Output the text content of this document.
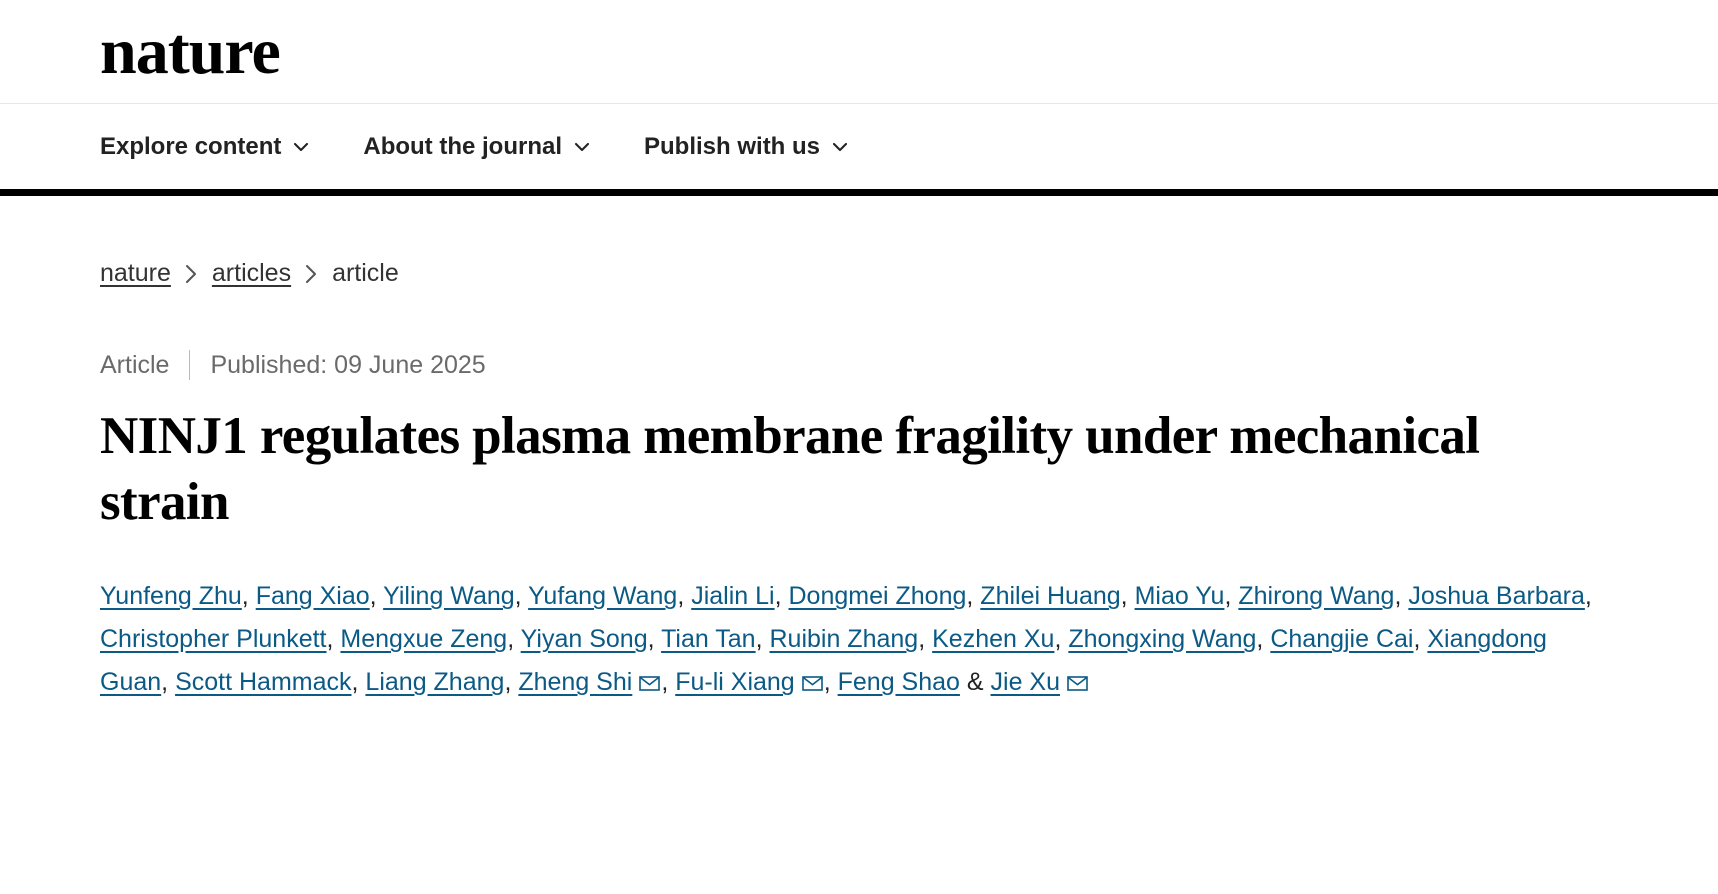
nature
Explore content	About the journal	Publish with us
nature articles article
Article Published: 09 June 2025
NINJ1 regulates plasma membrane fragility under mechanical strain
Yunfeng Zhu, Fang Xiao, Yiling Wang, Yufang Wang, Jialin Li, Dongmei Zhong, Zhilei Huang, Miao Yu, Zhirong Wang, Joshua Barbara, Christopher Plunkett, Mengxue Zeng, Yiyan Song, Tian Tan, Ruibin Zhang, Kezhen Xu, Zhongxing Wang, Changjie Cai, Xiangdong Guan, Scott Hammack, Liang Zhang, Zheng Shi , Fu-li Xiang , Feng Shao & Jie Xu
